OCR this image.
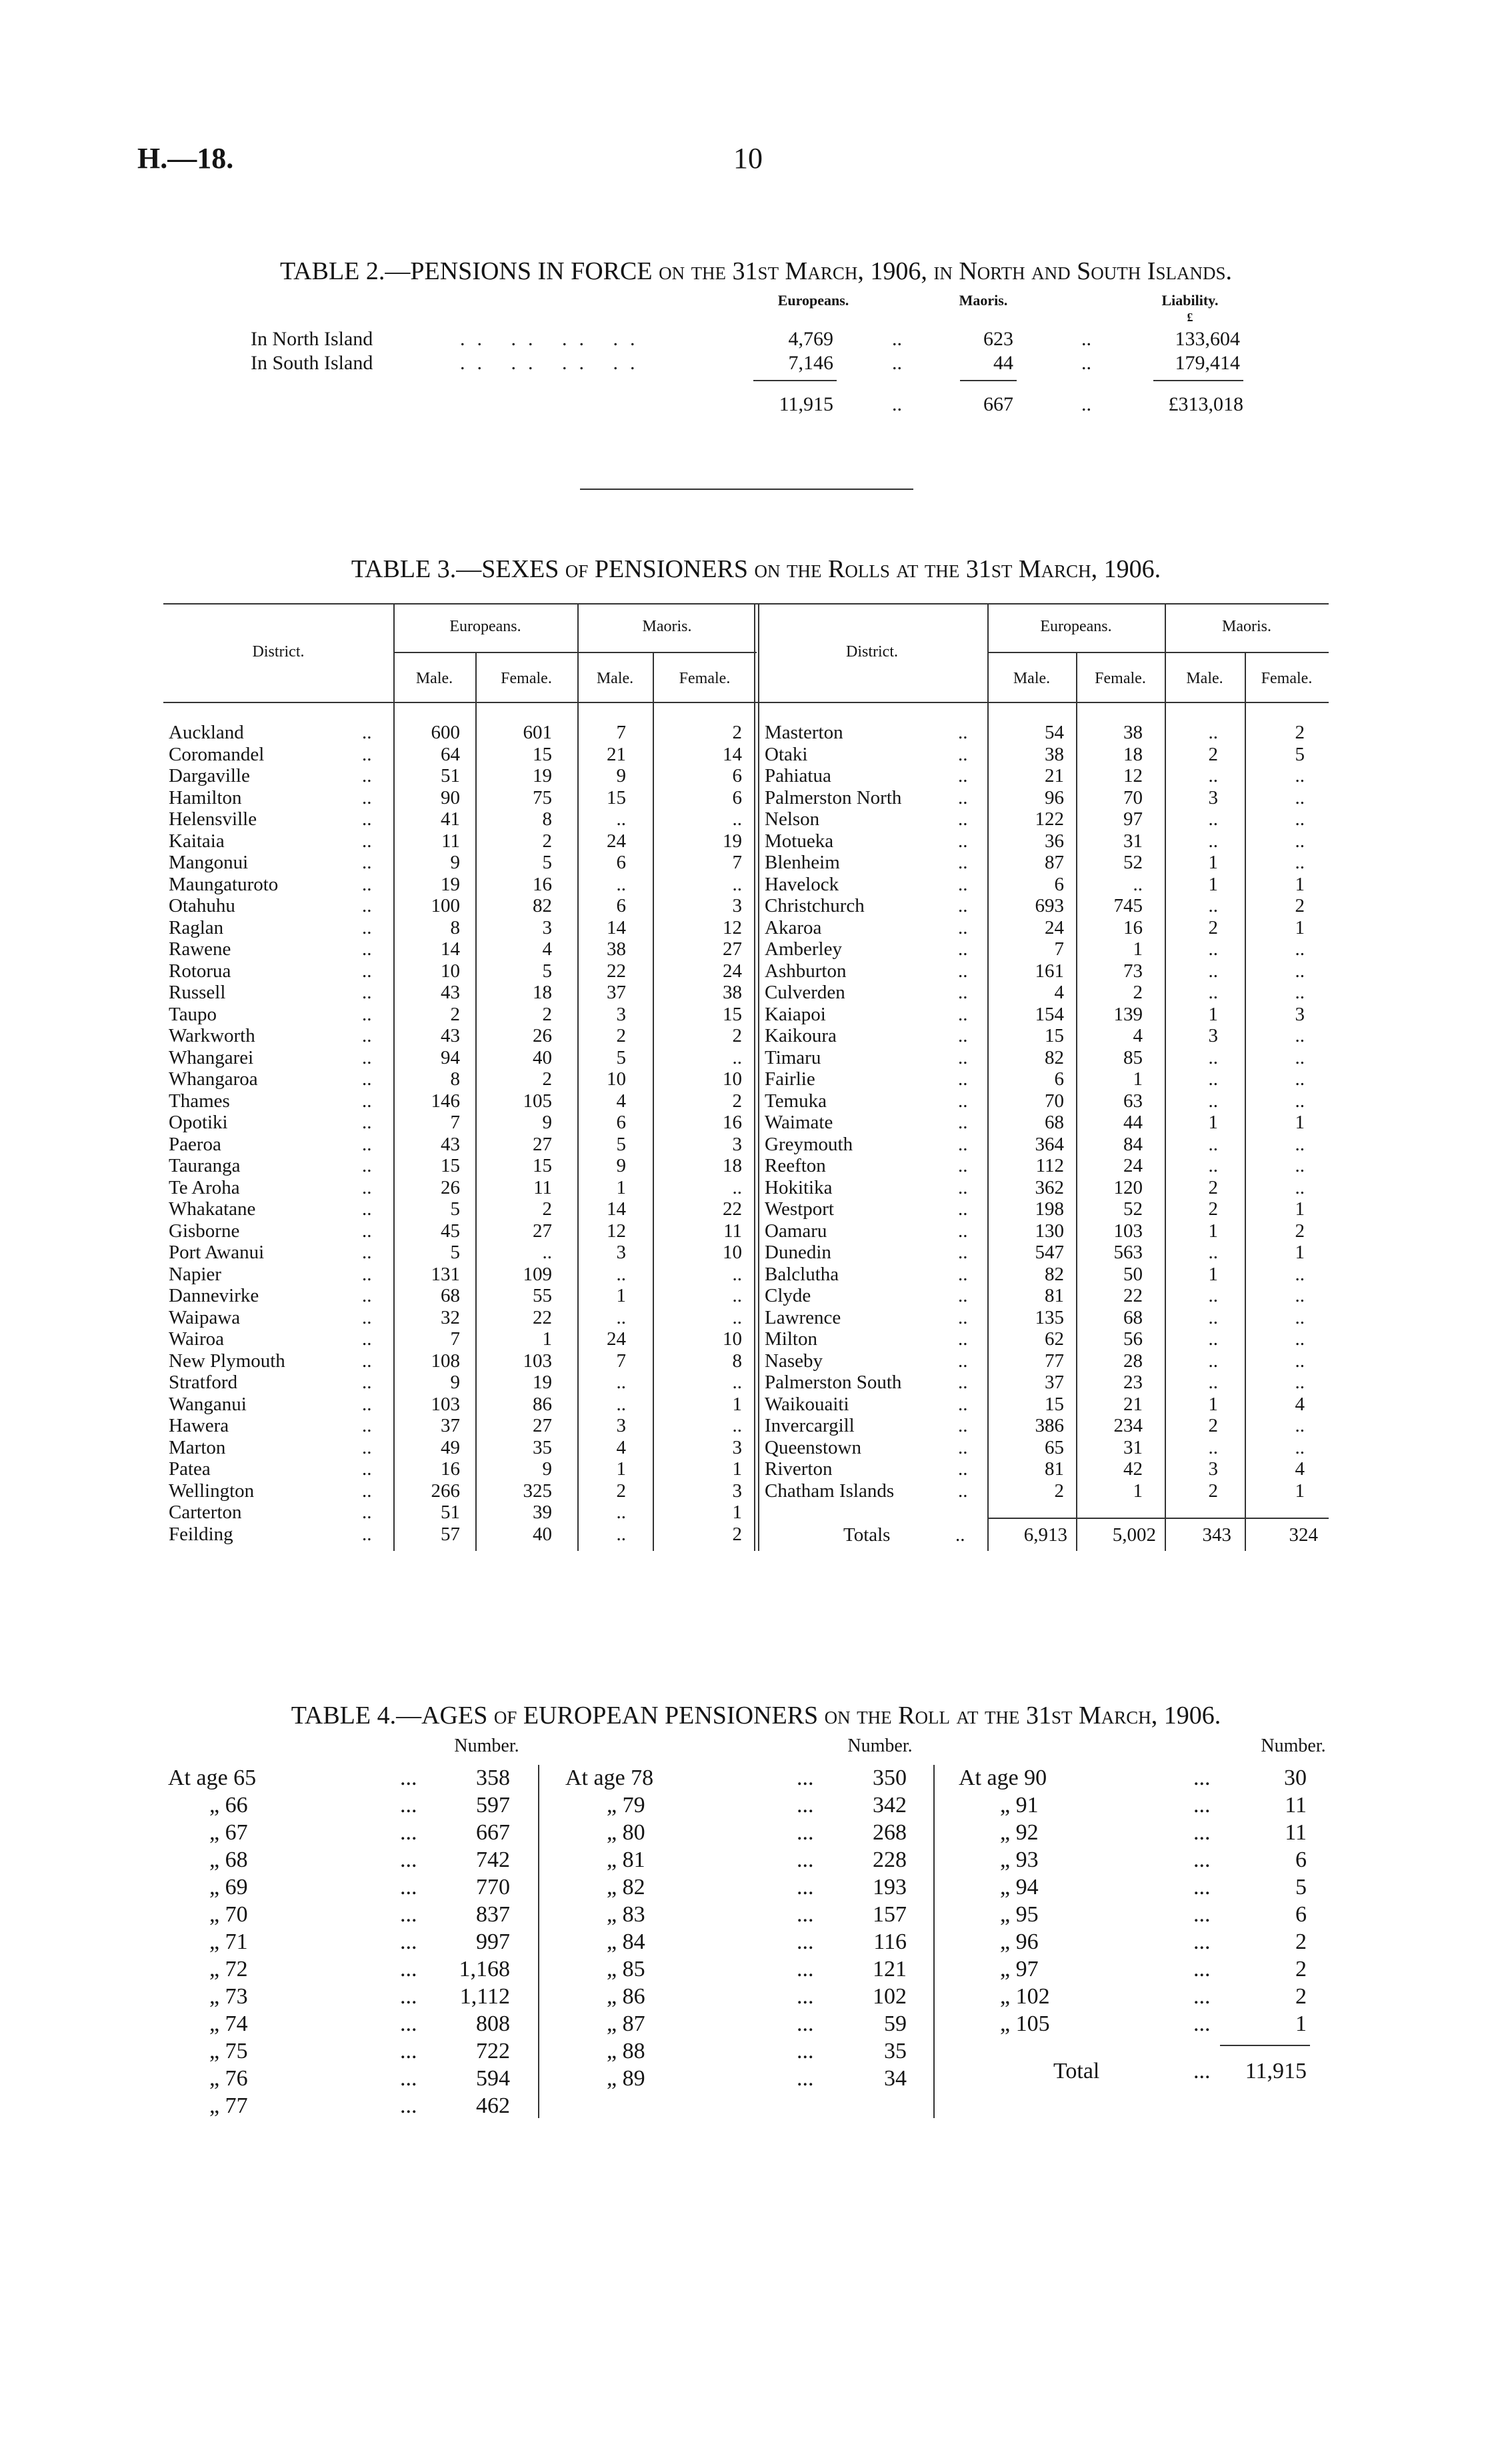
H.—18.	10
TABLE 2.—PENSIONS IN FORCE on the 31st March, 1906, in North and South Islands.
Europeans.	Maoris.	Liability.
£
In North Island	.. .. .. ..	4,769	..	623	..	133,604
In South Island	.. .. .. ..	7,146	..	44	..	179,414
11,915	..	667	..	£313,018
TABLE 3.—SEXES of PENSIONERS on the Rolls at the 31st March, 1906.
District.
Europeans.	Maoris.
Male.	Female.	Male.	Female.
District.
Europeans.	Maoris.
Male.	Female.	Male.	Female.
Auckland	..	600	601	7	2
Coromandel	..	64	15	21	14
Dargaville	..	51	19	9	6
Hamilton	..	90	75	15	6
Helensville	..	41	8	..	..
Kaitaia	..	11	2	24	19
Mangonui	..	9	5	6	7
Maungaturoto	..	19	16	..	..
Otahuhu	..	100	82	6	3
Raglan	..	8	3	14	12
Rawene	..	14	4	38	27
Rotorua	..	10	5	22	24
Russell	..	43	18	37	38
Taupo	..	2	2	3	15
Warkworth	..	43	26	2	2
Whangarei	..	94	40	5	..
Whangaroa	..	8	2	10	10
Thames	..	146	105	4	2
Opotiki	..	7	9	6	16
Paeroa	..	43	27	5	3
Tauranga	..	15	15	9	18
Te Aroha	..	26	11	1	..
Whakatane	..	5	2	14	22
Gisborne	..	45	27	12	11
Port Awanui	..	5	..	3	10
Napier	..	131	109	..	..
Dannevirke	..	68	55	1	..
Waipawa	..	32	22	..	..
Wairoa	..	7	1	24	10
New Plymouth	..	108	103	7	8
Stratford	..	9	19	..	..
Wanganui	..	103	86	..	1
Hawera	..	37	27	3	..
Marton	..	49	35	4	3
Patea	..	16	9	1	1
Wellington	..	266	325	2	3
Carterton	..	51	39	..	1
Feilding	..	57	40	..	2
Masterton	..	54	38	..	2
Otaki	..	38	18	2	5
Pahiatua	..	21	12	..	..
Palmerston North	..	96	70	3	..
Nelson	..	122	97	..	..
Motueka	..	36	31	..	..
Blenheim	..	87	52	1	..
Havelock	..	6	..	1	1
Christchurch	..	693	745	..	2
Akaroa	..	24	16	2	1
Amberley	..	7	1	..	..
Ashburton	..	161	73	..	..
Culverden	..	4	2	..	..
Kaiapoi	..	154	139	1	3
Kaikoura	..	15	4	3	..
Timaru	..	82	85	..	..
Fairlie	..	6	1	..	..
Temuka	..	70	63	..	..
Waimate	..	68	44	1	1
Greymouth	..	364	84	..	..
Reefton	..	112	24	..	..
Hokitika	..	362	120	2	..
Westport	..	198	52	2	1
Oamaru	..	130	103	1	2
Dunedin	..	547	563	..	1
Balclutha	..	82	50	1	..
Clyde	..	81	22	..	..
Lawrence	..	135	68	..	..
Milton	..	62	56	..	..
Naseby	..	77	28	..	..
Palmerston South	..	37	23	..	..
Waikouaiti	..	15	21	1	4
Invercargill	..	386	234	2	..
Queenstown	..	65	31	..	..
Riverton	..	81	42	3	4
Chatham Islands	..	2	1	2	1
Totals	..	6,913	5,002	343	324
TABLE 4.—AGES of EUROPEAN PENSIONERS on the Roll at the 31st March, 1906.
Number.	Number.	Number.
At age 65	...	358
„ 66	...	597
„ 67	...	667
„ 68	...	742
„ 69	...	770
„ 70	...	837
„ 71	...	997
„ 72	...	1,168
„ 73	...	1,112
„ 74	...	808
„ 75	...	722
„ 76	...	594
„ 77	...	462
At age 78	...	350
„ 79	...	342
„ 80	...	268
„ 81	...	228
„ 82	...	193
„ 83	...	157
„ 84	...	116
„ 85	...	121
„ 86	...	102
„ 87	...	59
„ 88	...	35
„ 89	...	34
At age 90	...	30
„ 91	...	11
„ 92	...	11
„ 93	...	6
„ 94	...	5
„ 95	...	6
„ 96	...	2
„ 97	...	2
„ 102	...	2
„ 105	...	1
Total	...	11,915
